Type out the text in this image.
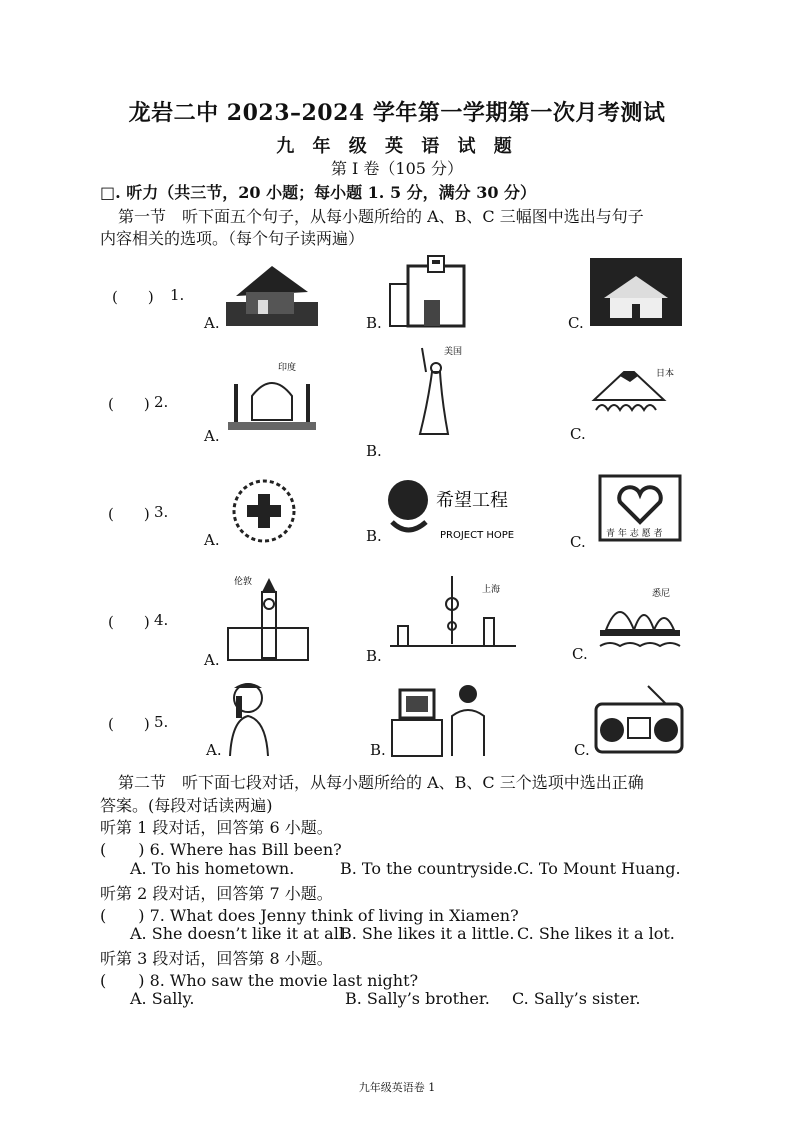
龙岩二中 2023–2024 学年第一学期第一次月考测试
九 年 级 英 语 试 题
第 I 卷（105 分）
□. 听力（共三节，20 小题；每小题 1. 5 分，满分 30 分）
第一节　听下面五个句子，从每小题所给的 A、B、C 三幅图中选出与句子
内容相关的选项。（每个句子读两遍）
(　　) 1.
A.	B.	C.
(　　) 2.
A.
印度
B.
美国
C.
日本
(　　) 3.
A.	B.
希望工程
PROJECT HOPE	C. 青 年 志 愿 者
(　　) 4.
A.
伦敦
B.
上海
C.
悉尼
(　　) 5.
A.	B.	C.
第二节　听下面七段对话，从每小题所给的 A、B、C 三个选项中选出正确
答案。(每段对话读两遍)
听第 1 段对话，回答第 6 小题。
(　　) 6. Where has Bill been?
A. To his hometown.	B. To the countryside. C. To Mount Huang.
听第 2 段对话，回答第 7 小题。
(　　) 7. What does Jenny think of living in Xiamen?
A. She doesn’t like it at all.
B. She likes it a little. C. She likes it a lot.
听第 3 段对话，回答第 8 小题。
(　　) 8. Who saw the movie last night?
A. Sally.	B. Sally’s brother. C. Sally’s sister.
九年级英语卷 1
